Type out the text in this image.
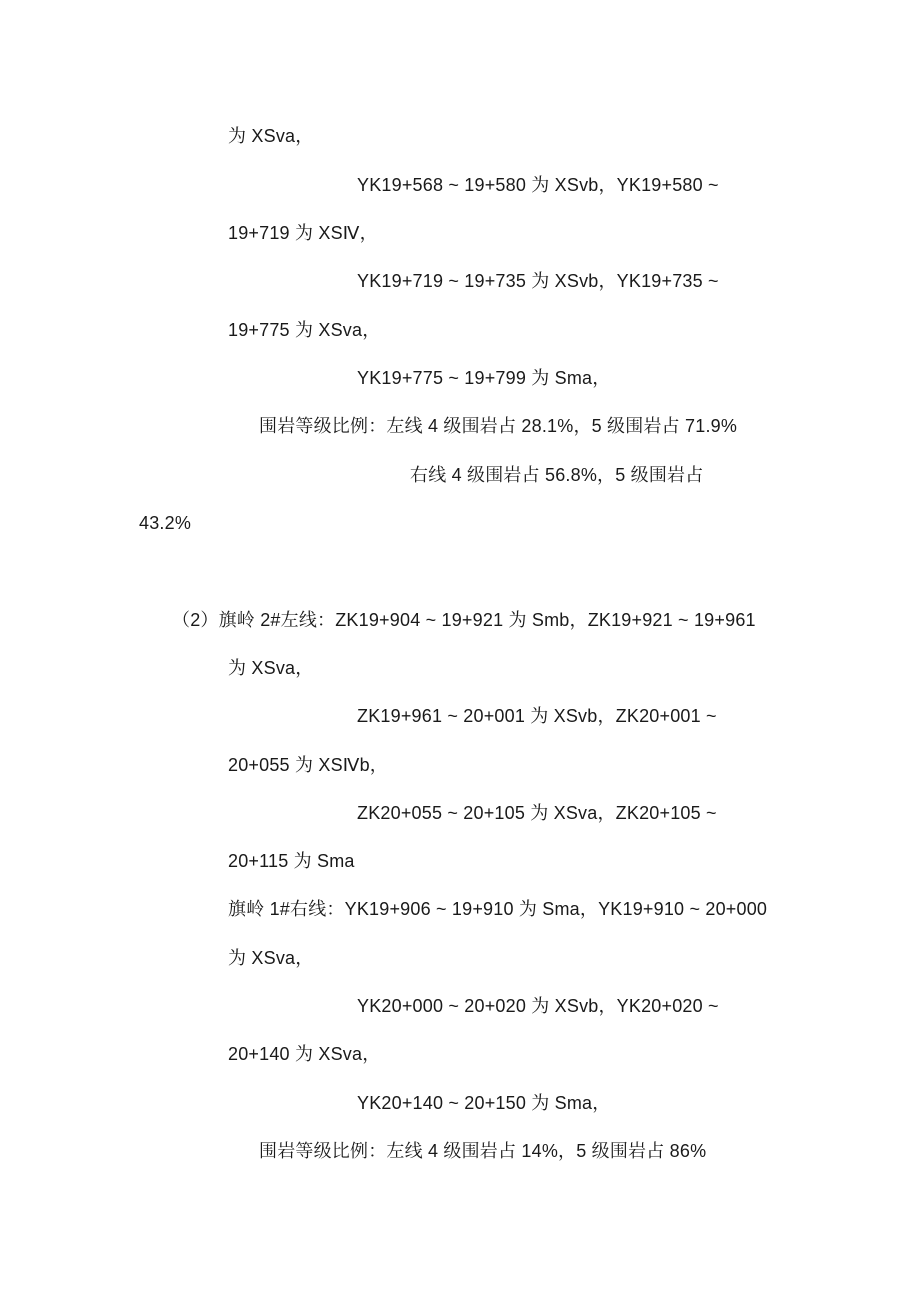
为 XSva，
YK19+568 ~ 19+580 为 XSvb，YK19+580 ~
19+719 为 XSⅣ，
YK19+719 ~ 19+735 为 XSvb，YK19+735 ~
19+775 为 XSva，
YK19+775 ~ 19+799 为 Sma，
围岩等级比例：左线 4 级围岩占 28.1%，5 级围岩占 71.9%
右线 4 级围岩占 56.8%，5 级围岩占
43.2%
（2）旗岭 2#左线：ZK19+904 ~ 19+921 为 Smb，ZK19+921 ~ 19+961
为 XSva，
ZK19+961 ~ 20+001 为 XSvb，ZK20+001 ~
20+055 为 XSⅣb，
ZK20+055 ~ 20+105 为 XSva，ZK20+105 ~
20+115 为 Sma
旗岭 1#右线：YK19+906 ~ 19+910 为 Sma，YK19+910 ~ 20+000
为 XSva，
YK20+000 ~ 20+020 为 XSvb，YK20+020 ~
20+140 为 XSva，
YK20+140 ~ 20+150 为 Sma，
围岩等级比例：左线 4 级围岩占 14%，5 级围岩占 86%
